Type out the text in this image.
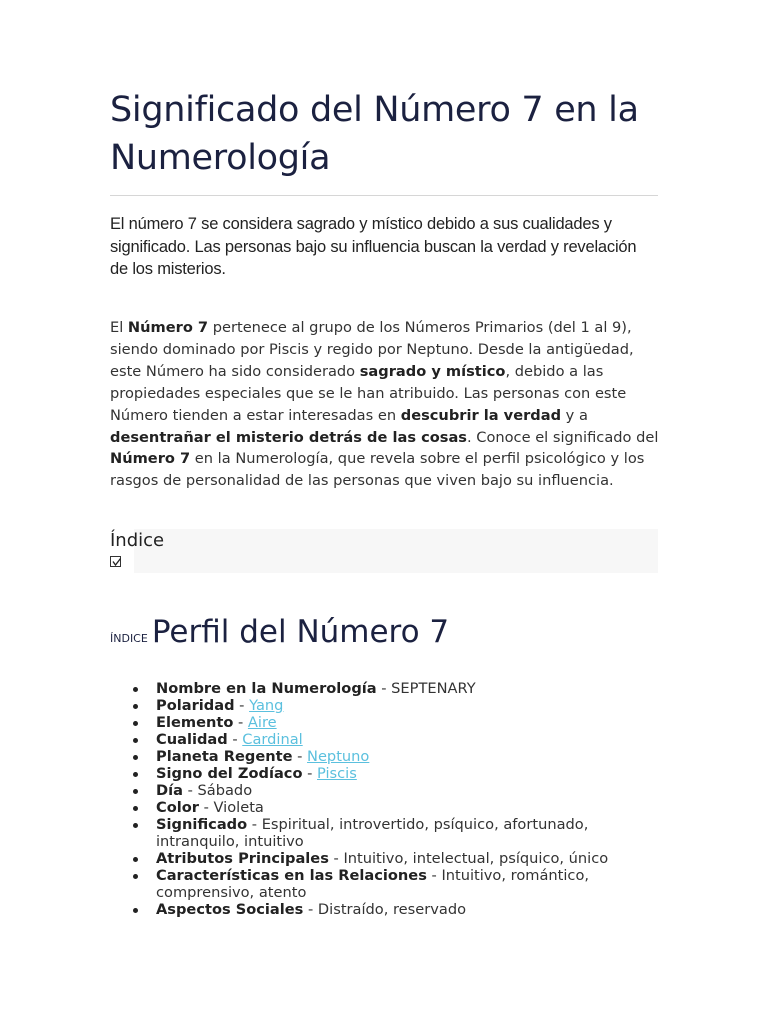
Significado del Número 7 en la Numerología

El número 7 se considera sagrado y místico debido a sus cualidades y significado. Las personas bajo su influencia buscan la verdad y revelación de los misterios.

El Número 7 pertenece al grupo de los Números Primarios (del 1 al 9), siendo dominado por Piscis y regido por Neptuno. Desde la antigüedad, este Número ha sido considerado sagrado y místico, debido a las propiedades especiales que se le han atribuido. Las personas con este Número tienden a estar interesadas en descubrir la verdad y a desentrañar el misterio detrás de las cosas. Conoce el significado del Número 7 en la Numerología, que revela sobre el perfil psicológico y los rasgos de personalidad de las personas que viven bajo su influencia.

Índice
ÍNDICE Perfil del Número 7
Nombre en la Numerología - SEPTENARY
Polaridad - Yang
Elemento - Aire
Cualidad - Cardinal
Planeta Regente - Neptuno
Signo del Zodíaco - Piscis
Día - Sábado
Color - Violeta
Significado - Espiritual, introvertido, psíquico, afortunado, intranquilo, intuitivo
Atributos Principales - Intuitivo, intelectual, psíquico, único
Características en las Relaciones - Intuitivo, romántico, comprensivo, atento
Aspectos Sociales - Distraído, reservado
